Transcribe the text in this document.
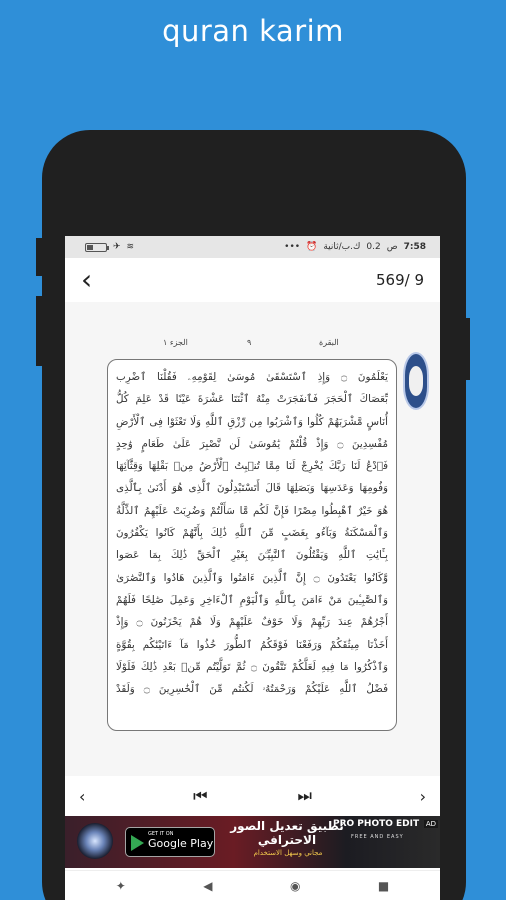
quran karim
✈ ≋	••• ⏰ ك.ب/ثانية 0.2 ص 7:58
‹	569/ 9
ﺍﻟﺠﺰﺀ ١	٩	ﺍﻟﺒﻘﺮﺓ
يَعْلَمُونَ ۝ وَإِذِ ٱسْتَسْقَىٰ مُوسَىٰ لِقَوْمِهِۦ فَقُلْنَا ٱضْرِب
بِّعَصَاكَ ٱلْحَجَرَ فَٱنفَجَرَتْ مِنْهُ ٱثْنَتَا عَشْرَةَ عَيْنًا قَدْ عَلِمَ كُلُّ
أُنَاسٍ مَّشْرَبَهُمْ كُلُوا وَٱشْرَبُوا مِن رِّزْقِ ٱللَّهِ وَلَا تَعْثَوْا فِى ٱلْأَرْضِ
مُفْسِدِينَ ۝ وَإِذْ قُلْتُمْ يَٰمُوسَىٰ لَن نَّصْبِرَ عَلَىٰ طَعَامٍ وَٰحِدٍ
فَٱدْعُ لَنَا رَبَّكَ يُخْرِجْ لَنَا مِمَّا تُنۢبِتُ ٱلْأَرْضُ مِنۢ بَقْلِهَا وَقِثَّآئِهَا
وَفُومِهَا وَعَدَسِهَا وَبَصَلِهَا قَالَ أَتَسْتَبْدِلُونَ ٱلَّذِى هُوَ أَدْنَىٰ بِٱلَّذِى
هُوَ خَيْرٌ ٱهْبِطُوا مِصْرًا فَإِنَّ لَكُم مَّا سَأَلْتُمْ وَضُرِبَتْ عَلَيْهِمُ ٱلذِّلَّةُ
وَٱلْمَسْكَنَةُ وَبَآءُو بِغَضَبٍ مِّنَ ٱللَّهِ ذَٰلِكَ بِأَنَّهُمْ كَانُوا يَكْفُرُونَ
بِـَٔايَٰتِ ٱللَّهِ وَيَقْتُلُونَ ٱلنَّبِيِّـۧنَ بِغَيْرِ ٱلْحَقِّ ذَٰلِكَ بِمَا عَصَوا
وَّكَانُوا يَعْتَدُونَ ۝ إِنَّ ٱلَّذِينَ ءَامَنُوا وَٱلَّذِينَ هَادُوا وَٱلنَّصَٰرَىٰ
وَٱلصَّٰبِـِٔينَ مَنْ ءَامَنَ بِٱللَّهِ وَٱلْيَوْمِ ٱلْءَاخِرِ وَعَمِلَ صَٰلِحًا فَلَهُمْ
أَجْرُهُمْ عِندَ رَبِّهِمْ وَلَا خَوْفٌ عَلَيْهِمْ وَلَا هُمْ يَحْزَنُونَ ۝ وَإِذْ
أَخَذْنَا مِيثَٰقَكُمْ وَرَفَعْنَا فَوْقَكُمُ ٱلطُّورَ خُذُوا مَآ ءَاتَيْنَٰكُم بِقُوَّةٍ
وَٱذْكُرُوا مَا فِيهِ لَعَلَّكُمْ تَتَّقُونَ ۝ ثُمَّ تَوَلَّيْتُم مِّنۢ بَعْدِ ذَٰلِكَ فَلَوْلَا
فَضْلُ ٱللَّهِ عَلَيْكُمْ وَرَحْمَتُهُۥ لَكُنتُم مِّنَ ٱلْخَٰسِرِينَ ۝ وَلَقَدْ
‹	⏮	⏭	›
GET IT ON
Google Play
تطبيق تعديل الصور الاحترافي
مجاني وسهل الاستخدام
PRO PHOTO EDIT
FREE AND EASY
AD
✦	◀	◉	■
